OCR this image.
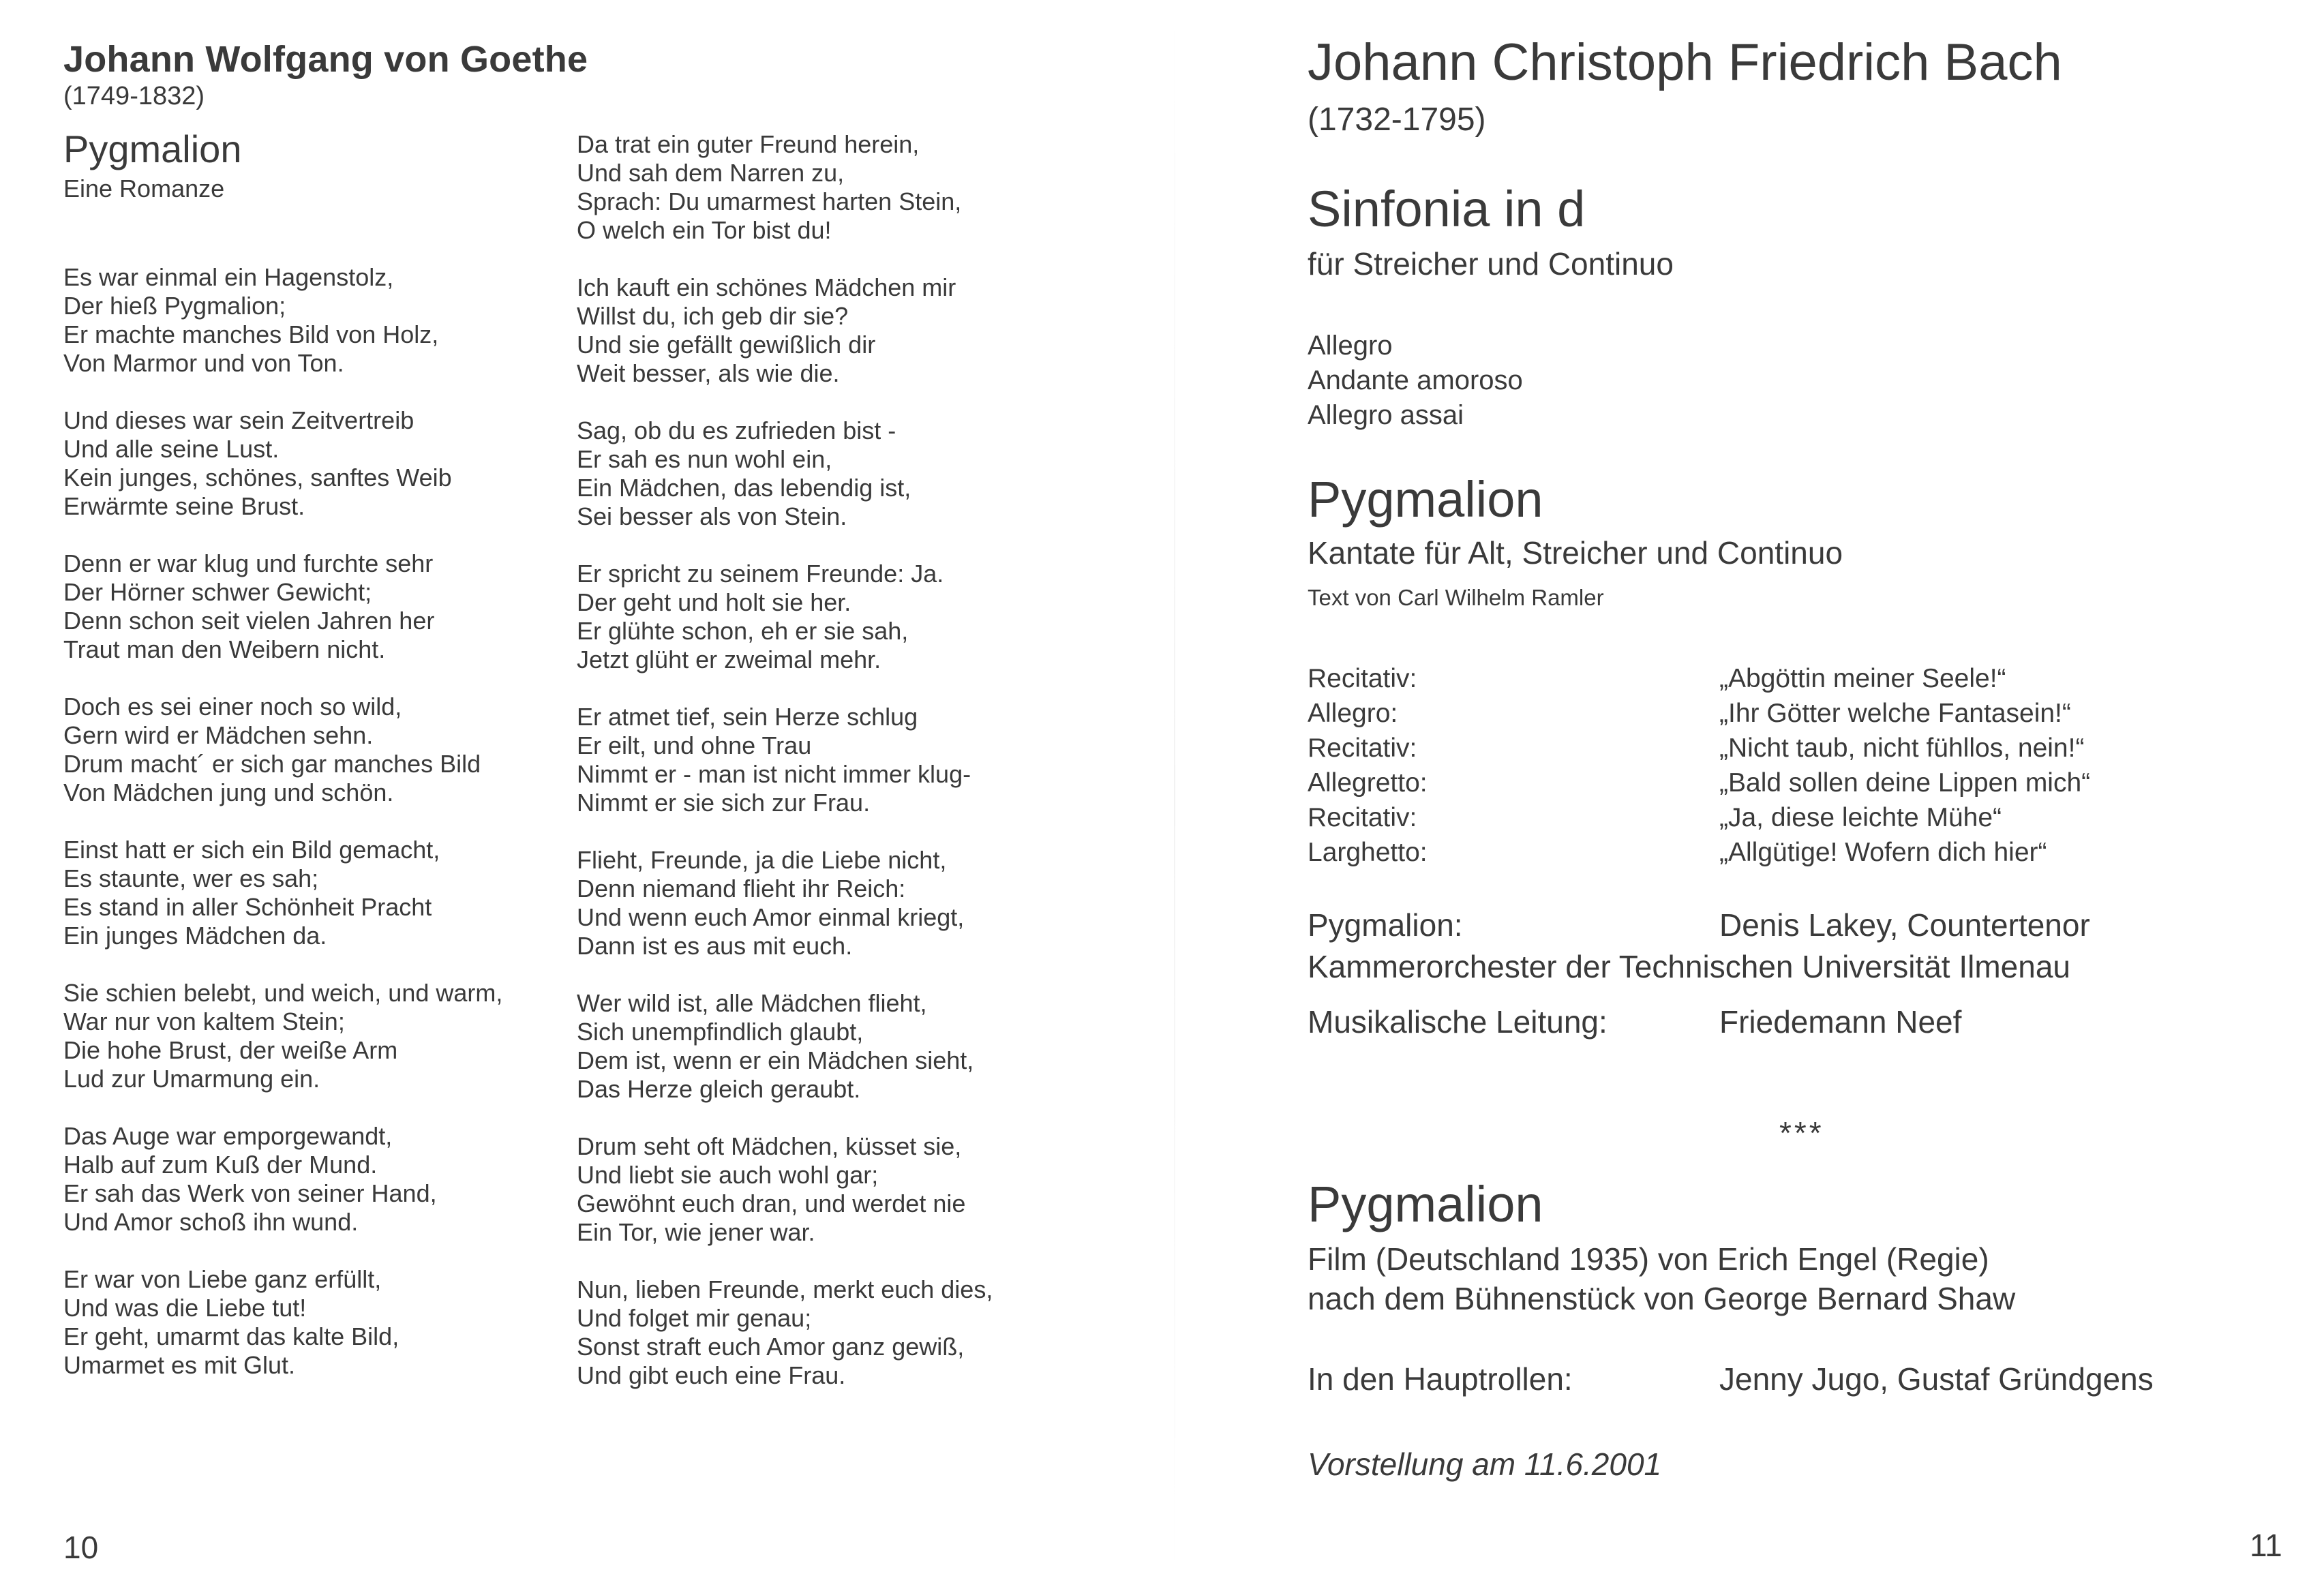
Johann Wolfgang von Goethe
(1749-1832)
Pygmalion
Eine Romanze
Es war einmal ein Hagenstolz,
Der hieß Pygmalion;
Er machte manches Bild von Holz,
Von Marmor und von Ton.
Und dieses war sein Zeitvertreib
Und alle seine Lust.
Kein junges, schönes, sanftes Weib
Erwärmte seine Brust.
Denn er war klug und furchte sehr
Der Hörner schwer Gewicht;
Denn schon seit vielen Jahren her
Traut man den Weibern nicht.
Doch es sei einer noch so wild,
Gern wird er Mädchen sehn.
Drum macht´ er sich gar manches Bild
Von Mädchen jung und schön.
Einst hatt er sich ein Bild gemacht,
Es staunte, wer es sah;
Es stand in aller Schönheit Pracht
Ein junges Mädchen da.
Sie schien belebt, und weich, und warm,
War nur von kaltem Stein;
Die hohe Brust, der weiße Arm
Lud zur Umarmung ein.
Das Auge war emporgewandt,
Halb auf zum Kuß der Mund.
Er sah das Werk von seiner Hand,
Und Amor schoß ihn wund.
Er war von Liebe ganz erfüllt,
Und was die Liebe tut!
Er geht, umarmt das kalte Bild,
Umarmet es mit Glut.
Da trat ein guter Freund herein,
Und sah dem Narren zu,
Sprach: Du umarmest harten Stein,
O welch ein Tor bist du!
Ich kauft ein schönes Mädchen mir
Willst du, ich geb dir sie?
Und sie gefällt gewißlich dir
Weit besser, als wie die.
Sag, ob du es zufrieden bist -
Er sah es nun wohl ein,
Ein Mädchen, das lebendig ist,
Sei besser als von Stein.
Er spricht zu seinem Freunde: Ja.
Der geht und holt sie her.
Er glühte schon, eh er sie sah,
Jetzt glüht er zweimal mehr.
Er atmet tief, sein Herze schlug
Er eilt, und ohne Trau
Nimmt er - man ist nicht immer klug-
Nimmt er sie sich zur Frau.
Flieht, Freunde, ja die Liebe nicht,
Denn niemand flieht ihr Reich:
Und wenn euch Amor einmal kriegt,
Dann ist es aus mit euch.
Wer wild ist, alle Mädchen flieht,
Sich unempfindlich glaubt,
Dem ist, wenn er ein Mädchen sieht,
Das Herze gleich geraubt.
Drum seht oft Mädchen, küsset sie,
Und liebt sie auch wohl gar;
Gewöhnt euch dran, und werdet nie
Ein Tor, wie jener war.
Nun, lieben Freunde, merkt euch dies,
Und folget mir genau;
Sonst straft euch Amor ganz gewiß,
Und gibt euch eine Frau.
10
Johann Christoph Friedrich Bach
(1732-1795)
Sinfonia in d
für Streicher und Continuo
Allegro
Andante amoroso
Allegro assai
Pygmalion
Kantate für Alt, Streicher und Continuo
Text von Carl Wilhelm Ramler
Recitativ:	„Abgöttin meiner Seele!“
Allegro:	„Ihr Götter welche Fantasein!“
Recitativ:	„Nicht taub, nicht fühllos, nein!“
Allegretto:	„Bald sollen deine Lippen mich“
Recitativ:	„Ja, diese leichte Mühe“
Larghetto:	„Allgütige! Wofern dich hier“
Pygmalion:	Denis Lakey, Countertenor
Kammerorchester der Technischen Universität Ilmenau
Musikalische Leitung:	Friedemann Neef
***
Pygmalion
Film (Deutschland 1935) von Erich Engel (Regie)
nach dem Bühnenstück von George Bernard Shaw
In den Hauptrollen:	Jenny Jugo, Gustaf Gründgens
Vorstellung am 11.6.2001
11
